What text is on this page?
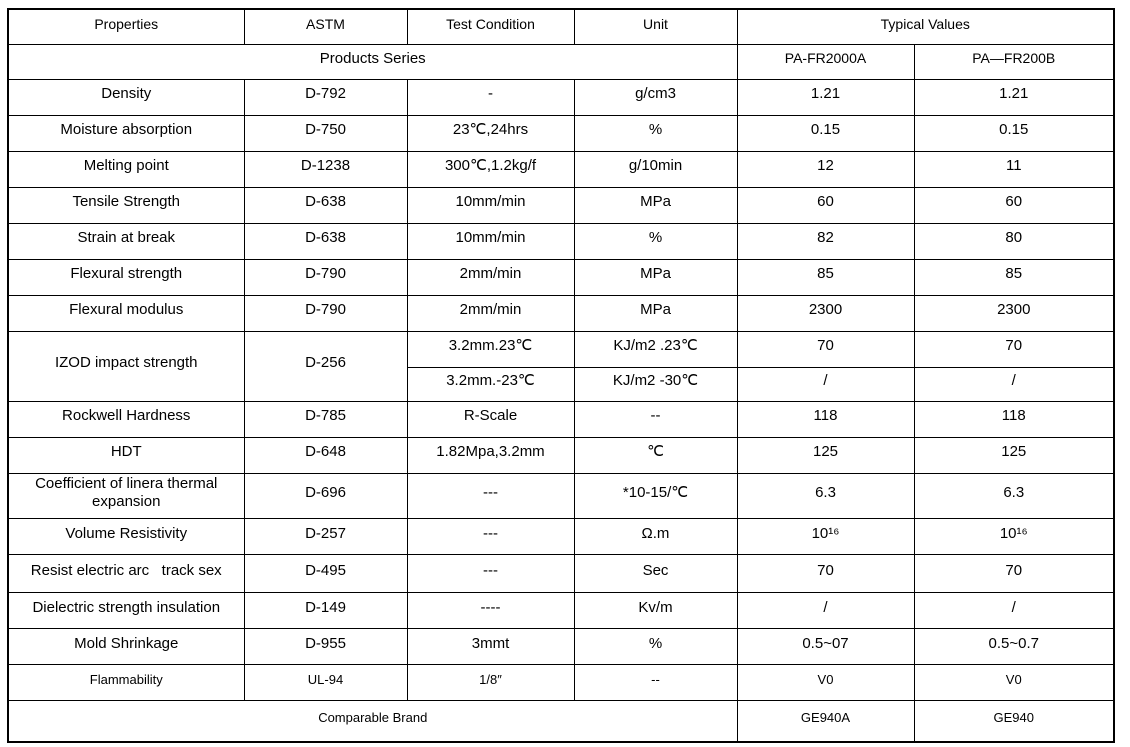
Properties	ASTM	Test Condition	Unit	Typical Values	
Products Series				PA-FR2000A	PA—FR200B
Density	D-792	-	g/cm3	1.21	1.21
Moisture absorption	D-750	23℃,24hrs	%	0.15	0.15
Melting point	D-1238	300℃,1.2kg/f	g/10min	12	11
Tensile Strength	D-638	10mm/min	MPa	60	60
Strain at break	D-638	10mm/min	%	82	80
Flexural strength	D-790	2mm/min	MPa	85	85
Flexural modulus	D-790	2mm/min	MPa	2300	2300
IZOD impact strength	D-256	3.2mm.23℃	KJ/m2 .23℃	70	70
		3.2mm.-23℃	KJ/m2 -30℃	/	/
Rockwell Hardness	D-785	R-Scale	--	118	118
HDT	D-648	1.82Mpa,3.2mm	℃	125	125
Coefficient of linera thermal expansion	D-696	---	*10-15/℃	6.3	6.3
Volume Resistivity	D-257	---	Ω.m	10¹⁶	10¹⁶
Resist electric arc   track sex	D-495	---	Sec	70	70
Dielectric strength insulation	D-149	----	Kv/m	/	/
Mold Shrinkage	D-955	3mmt	%	0.5~07	0.5~0.7
Flammability	UL-94	1/8″	--	V0	V0
Comparable Brand				GE940A	GE940
